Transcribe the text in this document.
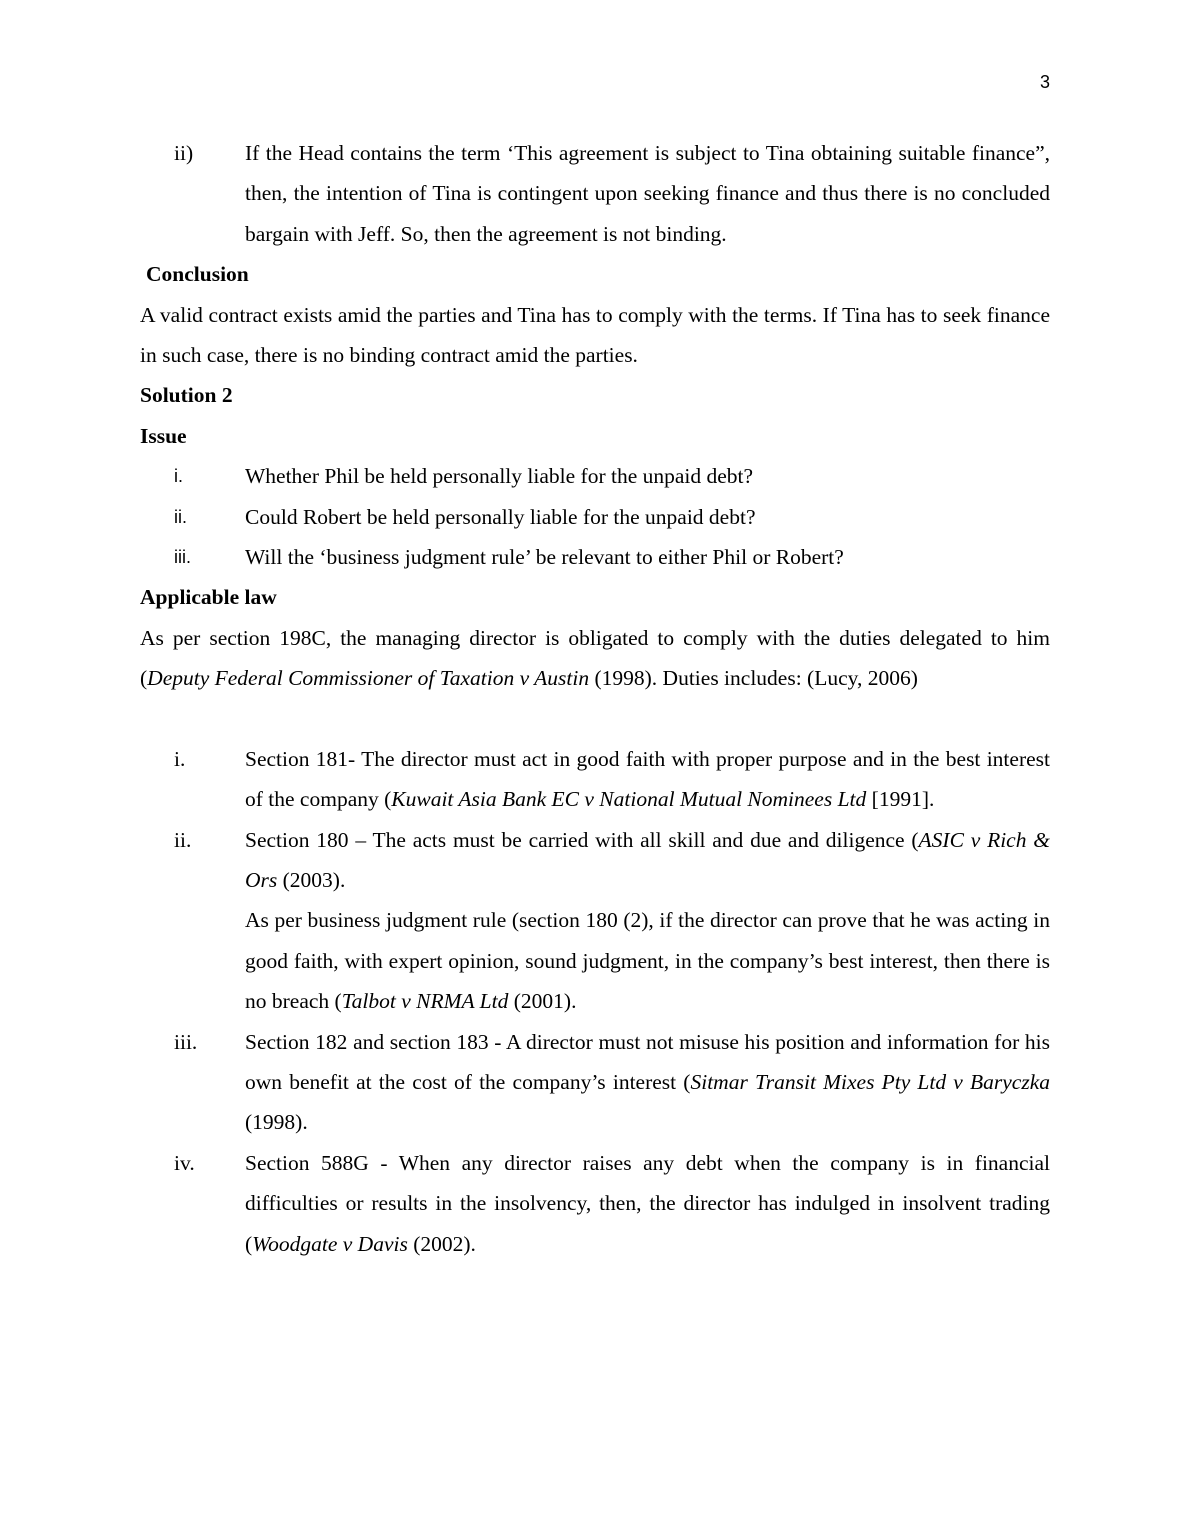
3
ii)	If the Head contains the term ‘This agreement is subject to Tina obtaining suitable finance”, then, the intention of Tina is contingent upon seeking finance and thus there is no concluded bargain with Jeff. So, then the agreement is not binding.

Conclusion

A valid contract exists amid the parties and Tina has to comply with the terms. If Tina has to seek finance in such case, there is no binding contract amid the parties.

Solution 2

Issue

i.	Whether Phil be held personally liable for the unpaid debt?
ii.	Could Robert be held personally liable for the unpaid debt?
iii.	Will the ‘business judgment rule’ be relevant to either Phil or Robert?

Applicable law

As per section 198C, the managing director is obligated to comply with the duties delegated to him (Deputy Federal Commissioner of Taxation v Austin (1998). Duties includes: (Lucy, 2006)

i.	Section 181- The director must act in good faith with proper purpose and in the best interest of the company (Kuwait Asia Bank EC v National Mutual Nominees Ltd [1991].
ii.	Section 180 – The acts must be carried with all skill and due and diligence (ASIC v Rich & Ors (2003).
As per business judgment rule (section 180 (2), if the director can prove that he was acting in good faith, with expert opinion, sound judgment, in the company’s best interest, then there is no breach (Talbot v NRMA Ltd (2001).
iii.	Section 182 and section 183 - A director must not misuse his position and information for his own benefit at the cost of the company’s interest (Sitmar Transit Mixes Pty Ltd v Baryczka (1998).
iv.	Section 588G - When any director raises any debt when the company is in financial difficulties or results in the insolvency, then, the director has indulged in insolvent trading (Woodgate v Davis (2002).
